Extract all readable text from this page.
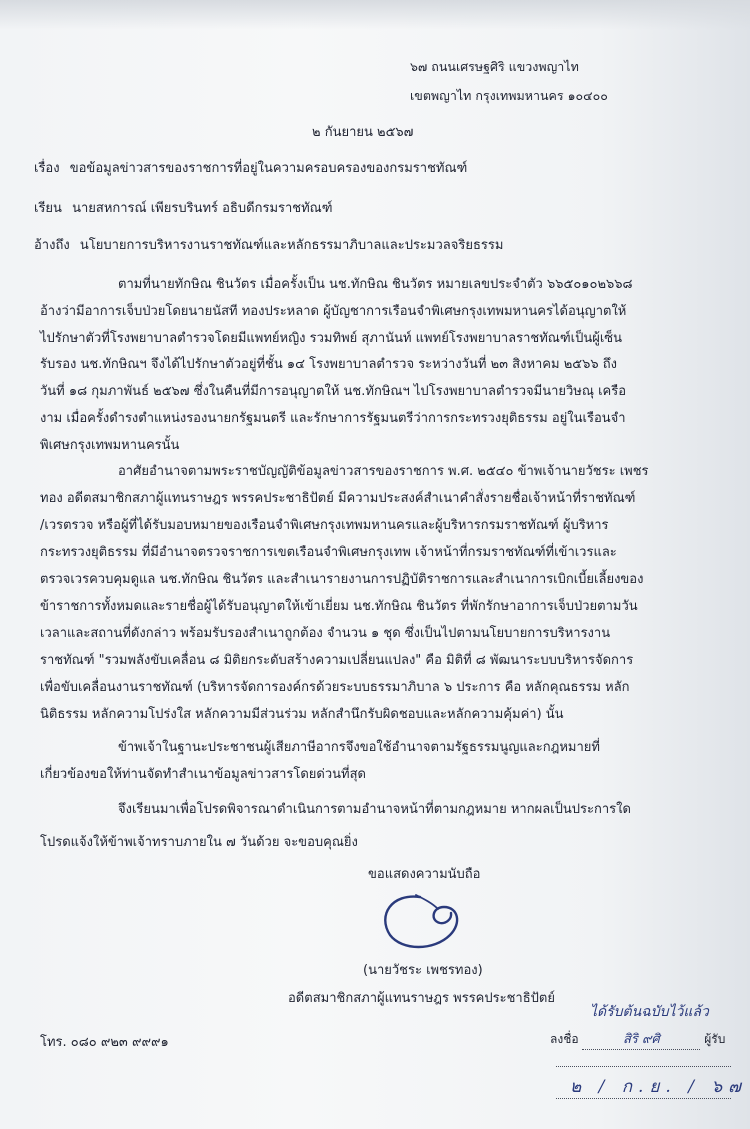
๖๗ ถนนเศรษฐศิริ แขวงพญาไท
เขตพญาไท กรุงเทพมหานคร ๑๐๔๐๐
๒ กันยายน ๒๕๖๗
เรื่อง ขอข้อมูลข่าวสารของราชการที่อยู่ในความครอบครองของกรมราชทัณฑ์
เรียน นายสหการณ์ เพียรบรินทร์ อธิบดีกรมราชทัณฑ์
อ้างถึง นโยบายการบริหารงานราชทัณฑ์และหลักธรรมาภิบาลและประมวลจริยธรรม
ตามที่นายทักษิณ ชินวัตร เมื่อครั้งเป็น นช.ทักษิณ ชินวัตร หมายเลขประจำตัว ๖๖๕๐๑๐๒๖๖๘
อ้างว่ามีอาการเจ็บป่วยโดยนายนัสที ทองประหลาด ผู้บัญชาการเรือนจำพิเศษกรุงเทพมหานครได้อนุญาตให้
ไปรักษาตัวที่โรงพยาบาลตำรวจโดยมีแพทย์หญิง รวมทิพย์ สุภานันท์ แพทย์โรงพยาบาลราชทัณฑ์เป็นผู้เซ็น
รับรอง นช.ทักษิณฯ จึงได้ไปรักษาตัวอยู่ที่ชั้น ๑๔ โรงพยาบาลตำรวจ ระหว่างวันที่ ๒๓ สิงหาคม ๒๕๖๖ ถึง
วันที่ ๑๘ กุมภาพันธ์ ๒๕๖๗ ซึ่งในคืนที่มีการอนุญาตให้ นช.ทักษิณฯ ไปโรงพยาบาลตำรวจมีนายวิษณุ เครือ
งาม เมื่อครั้งดำรงตำแหน่งรองนายกรัฐมนตรี และรักษาการรัฐมนตรีว่าการกระทรวงยุติธรรม อยู่ในเรือนจำ
พิเศษกรุงเทพมหานครนั้น
อาศัยอำนาจตามพระราชบัญญัติข้อมูลข่าวสารของราชการ พ.ศ. ๒๕๔๐ ข้าพเจ้านายวัชระ เพชร
ทอง อดีตสมาชิกสภาผู้แทนราษฎร พรรคประชาธิปัตย์ มีความประสงค์สำเนาคำสั่งรายชื่อเจ้าหน้าที่ราชทัณฑ์
/เวรตรวจ หรือผู้ที่ได้รับมอบหมายของเรือนจำพิเศษกรุงเทพมหานครและผู้บริหารกรมราชทัณฑ์ ผู้บริหาร
กระทรวงยุติธรรม ที่มีอำนาจตรวจราชการเขตเรือนจำพิเศษกรุงเทพ เจ้าหน้าที่กรมราชทัณฑ์ที่เข้าเวรและ
ตรวจเวรควบคุมดูแล นช.ทักษิณ ชินวัตร และสำเนารายงานการปฏิบัติราชการและสำเนาการเบิกเบี้ยเลี้ยงของ
ข้าราชการทั้งหมดและรายชื่อผู้ได้รับอนุญาตให้เข้าเยี่ยม นช.ทักษิณ ชินวัตร ที่พักรักษาอาการเจ็บป่วยตามวัน
เวลาและสถานที่ดังกล่าว พร้อมรับรองสำเนาถูกต้อง จำนวน ๑ ชุด ซึ่งเป็นไปตามนโยบายการบริหารงาน
ราชทัณฑ์ "รวมพลังขับเคลื่อน ๘ มิติยกระดับสร้างความเปลี่ยนแปลง" คือ มิติที่ ๘ พัฒนาระบบบริหารจัดการ
เพื่อขับเคลื่อนงานราชทัณฑ์ (บริหารจัดการองค์กรด้วยระบบธรรมาภิบาล ๖ ประการ คือ หลักคุณธรรม หลัก
นิติธรรม หลักความโปร่งใส หลักความมีส่วนร่วม หลักสำนึกรับผิดชอบและหลักความคุ้มค่า) นั้น
ข้าพเจ้าในฐานะประชาชนผู้เสียภาษีอากรจึงขอใช้อำนาจตามรัฐธรรมนูญและกฎหมายที่
เกี่ยวข้องขอให้ท่านจัดทำสำเนาข้อมูลข่าวสารโดยด่วนที่สุด
จึงเรียนมาเพื่อโปรดพิจารณาดำเนินการตามอำนาจหน้าที่ตามกฎหมาย หากผลเป็นประการใด
โปรดแจ้งให้ข้าพเจ้าทราบภายใน ๗ วันด้วย จะขอบคุณยิ่ง
ขอแสดงความนับถือ
(นายวัชระ เพชรทอง)
อดีตสมาชิกสภาผู้แทนราษฎร พรรคประชาธิปัตย์
โทร. ๐๘๐ ๙๒๓ ๙๙๙๑
ได้รับต้นฉบับไว้แล้ว
ลงชื่อ	สิริ ๙ศิ	ผู้รับ
๒ / ก.ย. / ๖๗
